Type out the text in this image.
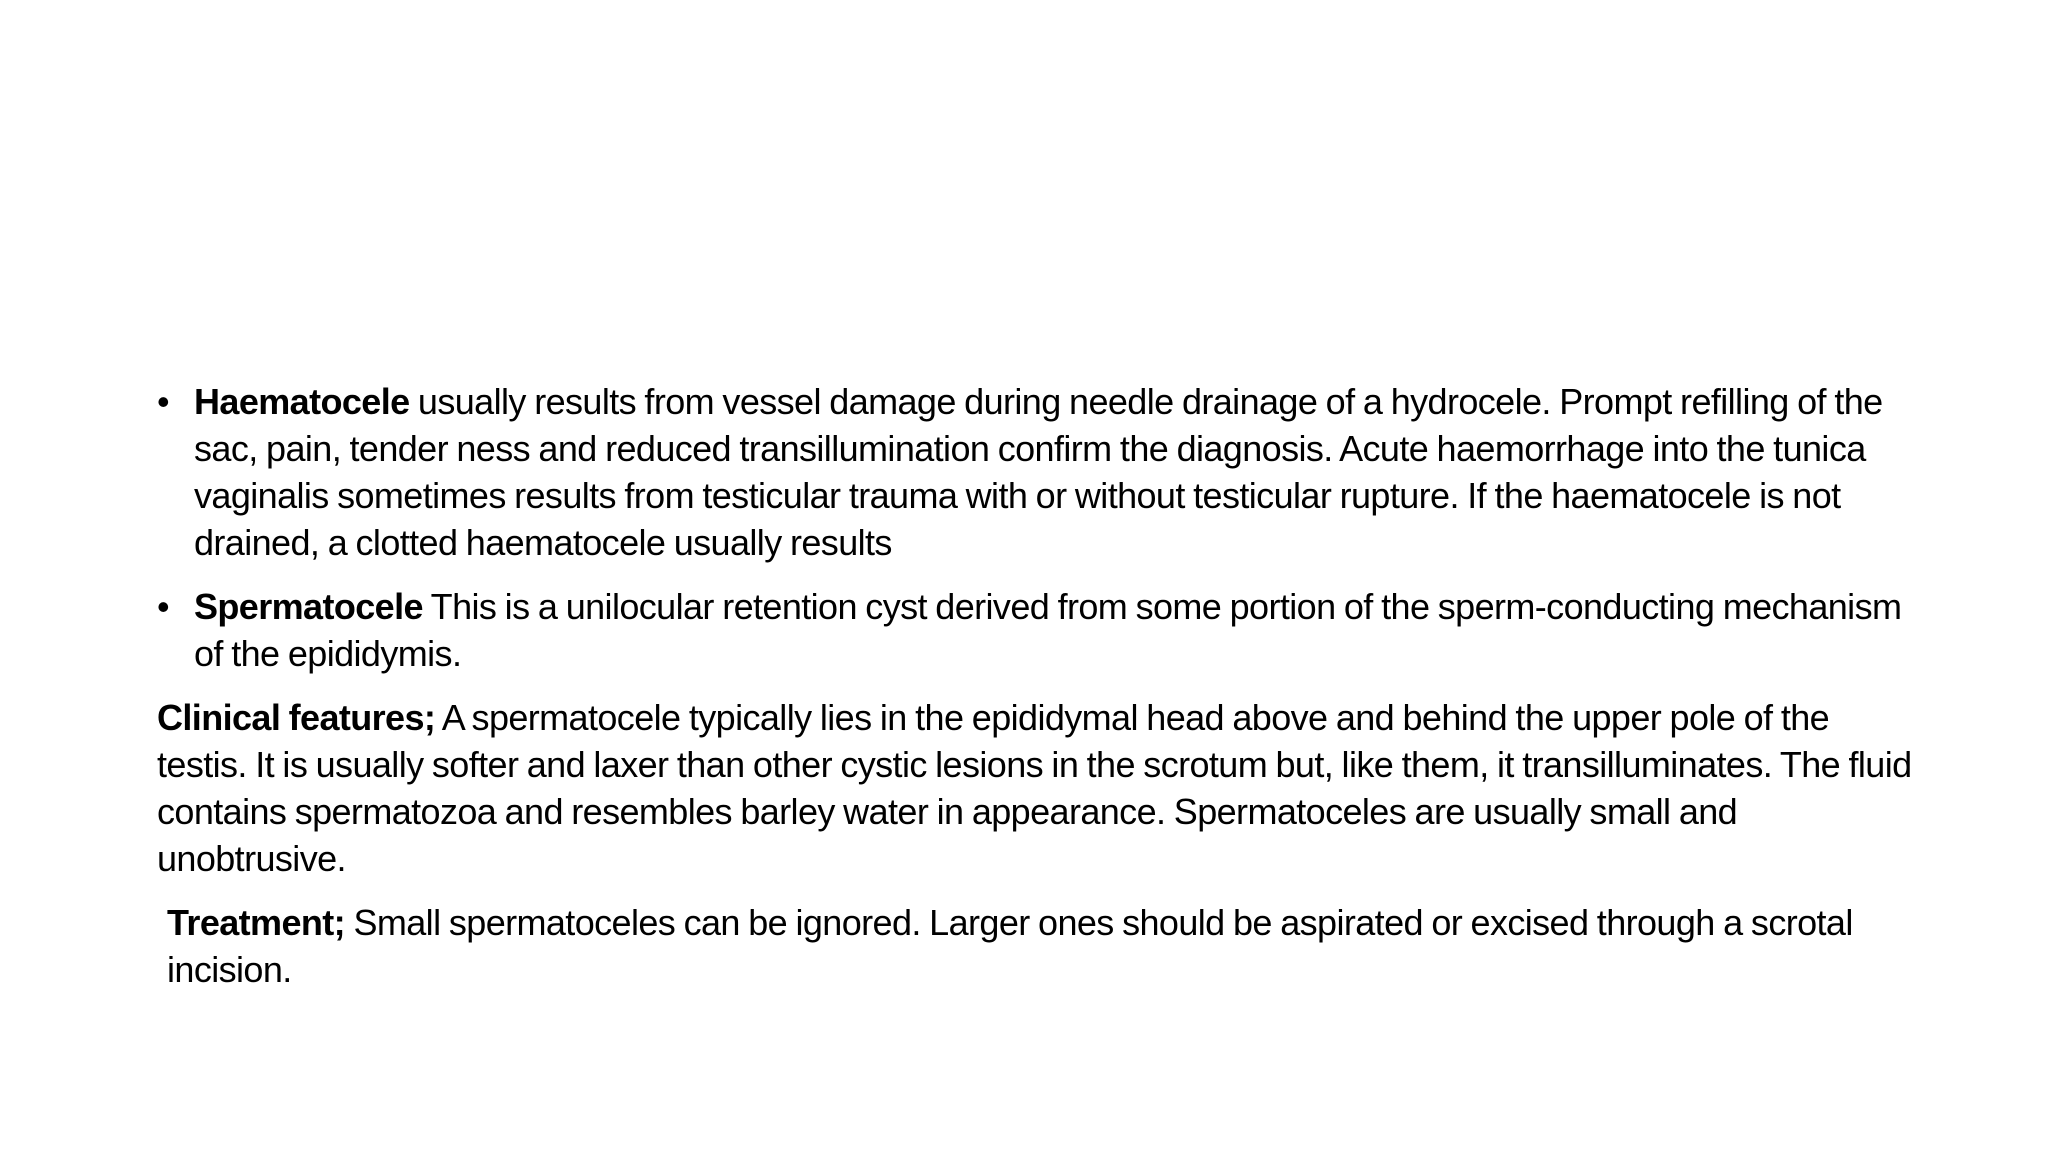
• Haematocele usually results from vessel damage during needle drainage of a hydrocele. Prompt refilling of the sac, pain, tender ness and reduced transillumination confirm the diagnosis. Acute haemorrhage into the tunica vaginalis sometimes results from testicular trauma with or without testicular rupture. If the haematocele is not drained, a clotted haematocele usually results
• Spermatocele This is a unilocular retention cyst derived from some portion of the sperm-conducting mechanism of the epididymis.
Clinical features; A spermatocele typically lies in the epididymal head above and behind the upper pole of the testis. It is usually softer and laxer than other cystic lesions in the scrotum but, like them, it transilluminates. The fluid contains spermatozoa and resembles barley water in appearance. Spermatoceles are usually small and unobtrusive.
Treatment; Small spermatoceles can be ignored. Larger ones should be aspirated or excised through a scrotal incision.
